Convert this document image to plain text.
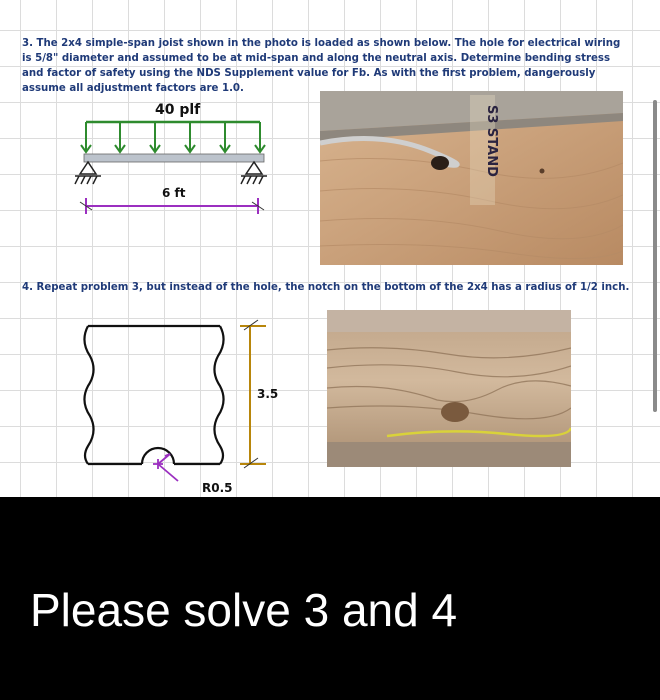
3. The 2x4 simple-span joist shown in the photo is loaded as shown below. The hole for electrical wiring is 5/8" diameter and assumed to be at mid-span and along the neutral axis. Determine bending stress and factor of safety using the NDS Supplement value for Fb. As with the first problem, dangerously assume all adjustment factors are 1.0.

40 plf
6 ft
S3 STAND

4. Repeat problem 3, but instead of the hole, the notch on the bottom of the 2x4 has a radius of 1/2 inch.

R0.5
3.5

Please solve 3 and 4
